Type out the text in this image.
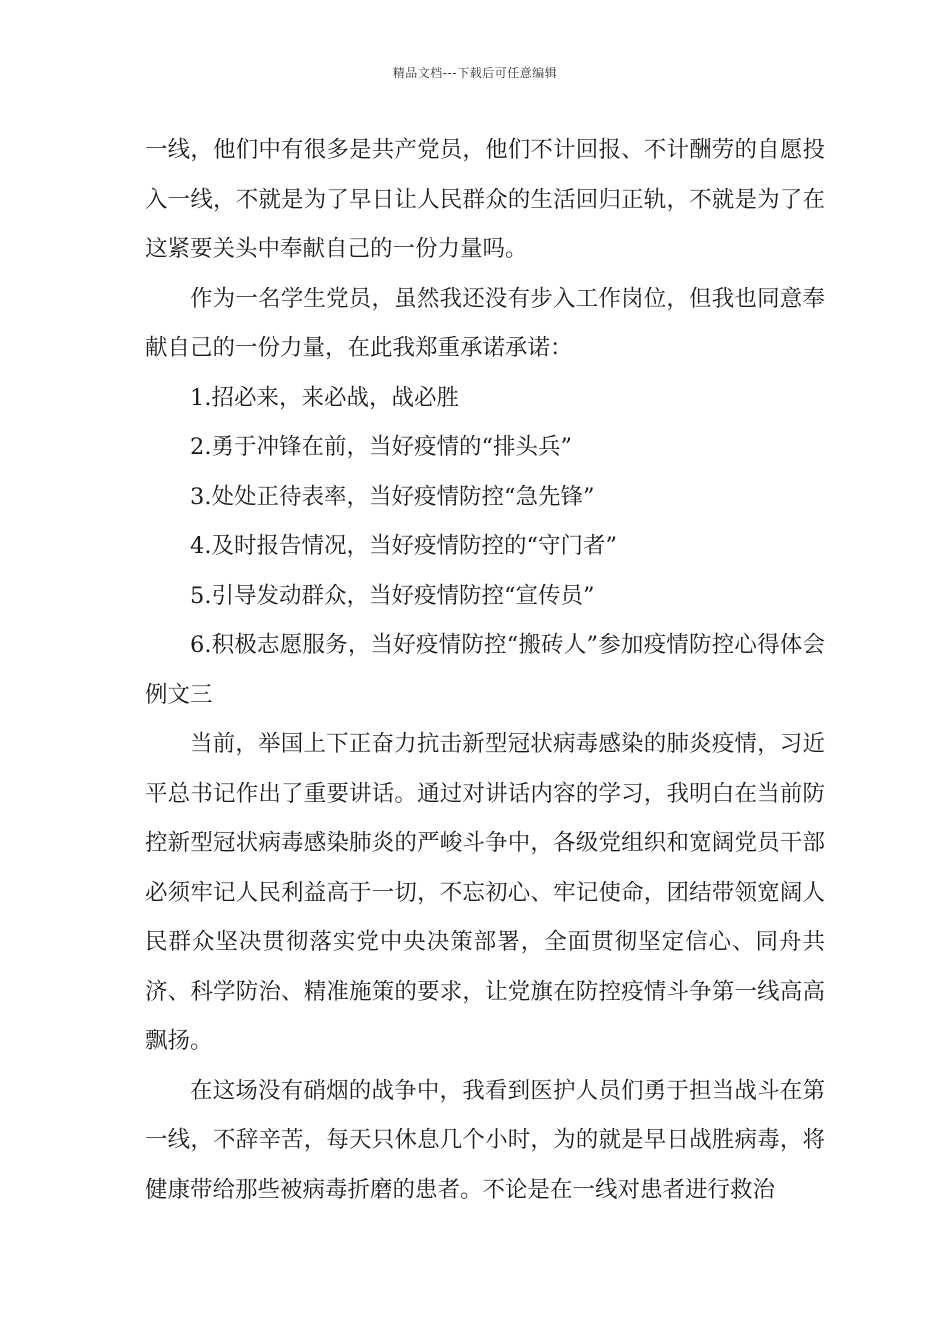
精品文档---下载后可任意编辑

一线，他们中有很多是共产党员，他们不计回报、不计酬劳的自愿投入一线，不就是为了早日让人民群众的生活回归正轨，不就是为了在这紧要关头中奉献自己的一份力量吗。

作为一名学生党员，虽然我还没有步入工作岗位，但我也同意奉献自己的一份力量，在此我郑重承诺承诺：

1.招必来，来必战，战必胜

2.勇于冲锋在前，当好疫情的“排头兵”

3.处处正待表率，当好疫情防控“急先锋”

4.及时报告情况，当好疫情防控的“守门者”

5.引导发动群众，当好疫情防控“宣传员”

6.积极志愿服务，当好疫情防控“搬砖人”参加疫情防控心得体会例文三

当前，举国上下正奋力抗击新型冠状病毒感染的肺炎疫情，习近平总书记作出了重要讲话。通过对讲话内容的学习，我明白在当前防控新型冠状病毒感染肺炎的严峻斗争中，各级党组织和宽阔党员干部必须牢记人民利益高于一切，不忘初心、牢记使命，团结带领宽阔人民群众坚决贯彻落实党中央决策部署，全面贯彻坚定信心、同舟共济、科学防治、精准施策的要求，让党旗在防控疫情斗争第一线高高飘扬。

在这场没有硝烟的战争中，我看到医护人员们勇于担当战斗在第一线，不辞辛苦，每天只休息几个小时，为的就是早日战胜病毒，将健康带给那些被病毒折磨的患者。不论是在一线对患者进行救治
